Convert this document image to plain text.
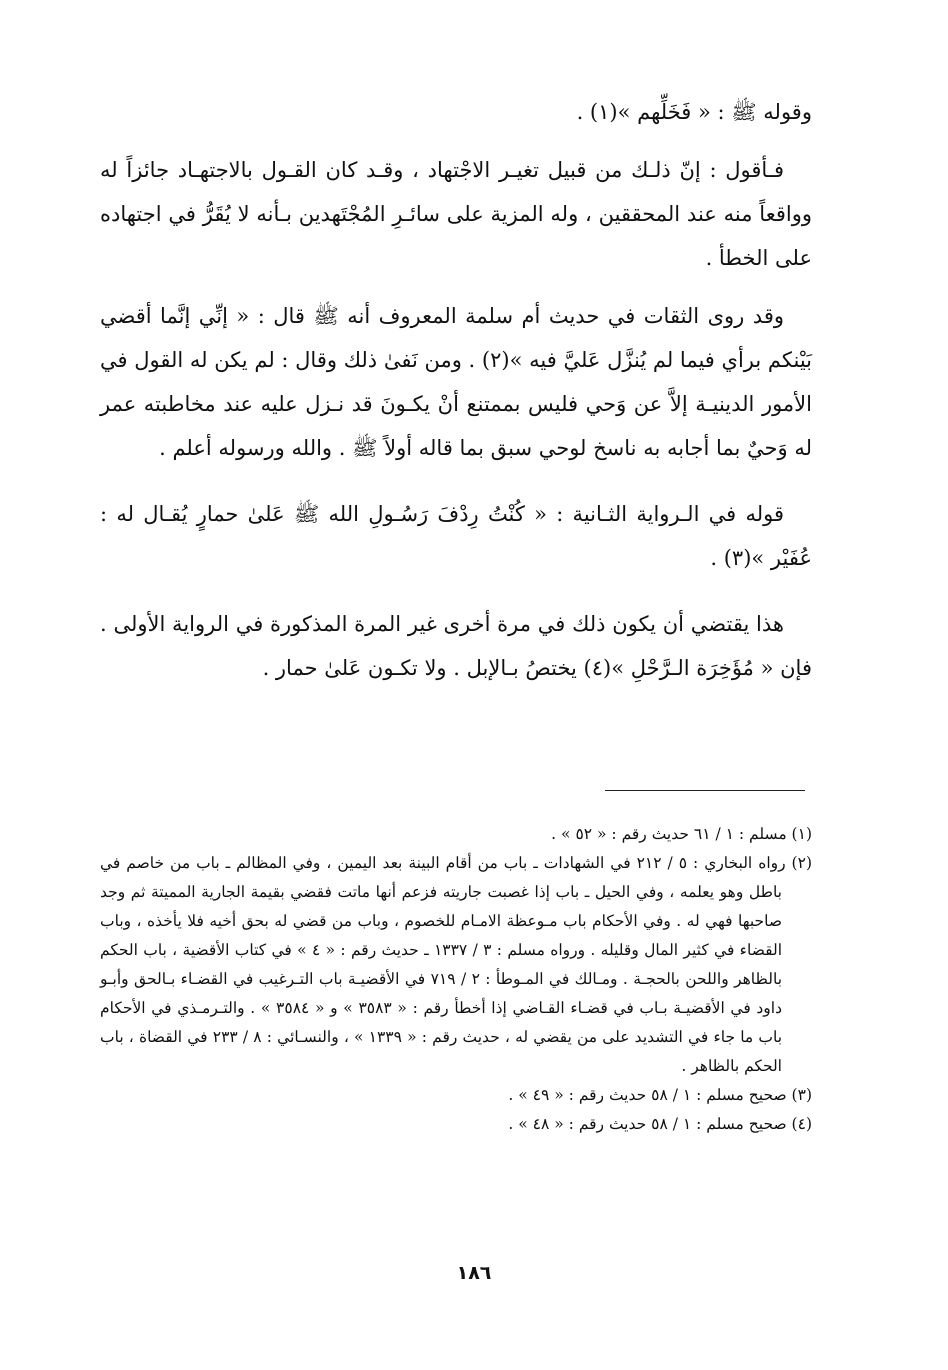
وقوله ﷺ : « فَخَلِّهم »(١) .

فـأقول : إنّ ذلـك من قبيل تغيـر الاجْتهاد ، وقـد كان القـول بالاجتهـاد جائزاً له وواقعاً منه عند المحققين ، وله المزية على سائـرِ المُجْتَهدين بـأنه لا يُقَرُّ في اجتهاده على الخطأ .

وقد روى الثقات في حديث أم سلمة المعروف أنه ﷺ قال : « إنِّي إنَّما أقضي بَيْنكم برأي فيما لم يُنزَّل عَليَّ فيه »(٢) . ومن نَفىٰ ذلك وقال : لم يكن له القول في الأمور الدينيـة إلاَّ عن وَحي فليس بممتنع أنْ يكـونَ قد نـزل عليه عند مخاطبته عمر له وَحيٌ بما أجابه به ناسخ لوحي سبق بما قاله أولاً ﷺ . والله ورسوله أعلم .

قوله في الـرواية الثـانية : « كُنْتُ رِدْفَ رَسُـولِ الله ﷺ عَلىٰ حمارٍ يُقـال له : عُفَيْر »(٣) .

هذا يقتضي أن يكون ذلك في مرة أخرى غير المرة المذكورة في الرواية الأولى . فإن « مُؤَخِرَة الـرَّحْلِ »(٤) يختصُ بـالإبل . ولا تكـون عَلىٰ حمار .

(١) مسلم : ١ / ٦١ حديث رقم : « ٥٢ » .

(٢) رواه البخاري : ٥ / ٢١٢ في الشهادات ـ باب من أقام البينة بعد اليمين ، وفي المظالم ـ باب من خاصم في باطل وهو يعلمه ، وفي الحيل ـ باب إذا غصبت جاريته فزعم أنها ماتت فقضي بقيمة الجارية المميتة ثم وجد صاحبها فهي له . وفي الأحكام باب مـوعظة الامـام للخصوم ، وباب من قضي له بحق أخيه فلا يأخذه ، وباب القضاء في كثير المال وقليله . ورواه مسلم : ٣ / ١٣٣٧ ـ حديث رقم : « ٤ » في كتاب الأقضية ، باب الحكم بالظاهر واللحن بالحجـة . ومـالك في المـوطأ : ٢ / ٧١٩ في الأقضيـة باب التـرغيب في القضـاء بـالحق وأبـو داود في الأقضيـة بـاب في قضـاء القـاضي إذا أخطأ رقم : « ٣٥٨٣ » و « ٣٥٨٤ » . والتـرمـذي في الأحكام باب ما جاء في التشديد على من يقضي له ، حديث رقم : « ١٣٣٩ » ، والنسـائي : ٨ / ٢٣٣ في القضاة ، باب الحكم بالظاهر .

(٣) صحيح مسلم : ١ / ٥٨ حديث رقم : « ٤٩ » .

(٤) صحيح مسلم : ١ / ٥٨ حديث رقم : « ٤٨ » .

١٨٦
